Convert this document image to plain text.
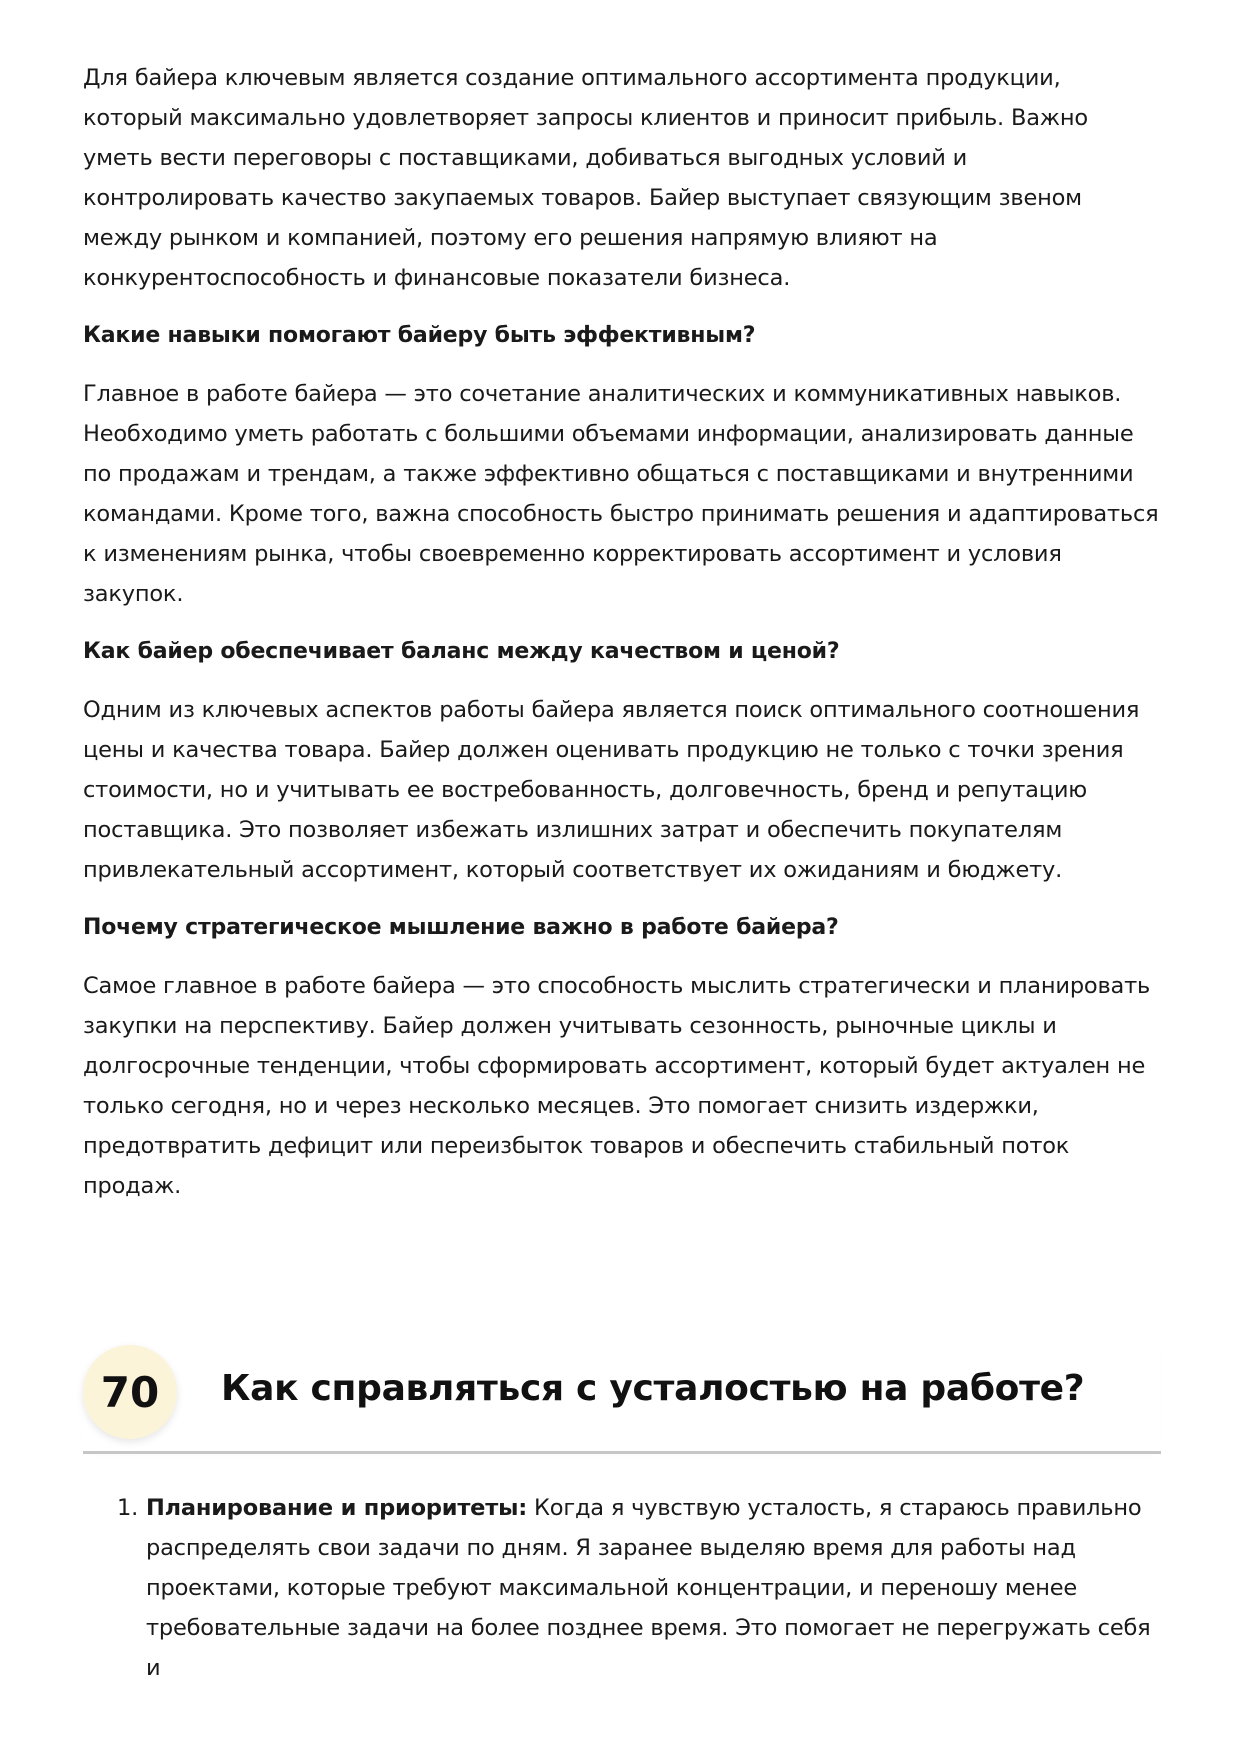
Для байера ключевым является создание оптимального ассортимента продукции, который максимально удовлетворяет запросы клиентов и приносит прибыль. Важно уметь вести переговоры с поставщиками, добиваться выгодных условий и контролировать качество закупаемых товаров. Байер выступает связующим звеном между рынком и компанией, поэтому его решения напрямую влияют на конкурентоспособность и финансовые показатели бизнеса.

Какие навыки помогают байеру быть эффективным?

Главное в работе байера — это сочетание аналитических и коммуникативных навыков. Необходимо уметь работать с большими объемами информации, анализировать данные по продажам и трендам, а также эффективно общаться с поставщиками и внутренними командами. Кроме того, важна способность быстро принимать решения и адаптироваться к изменениям рынка, чтобы своевременно корректировать ассортимент и условия закупок.

Как байер обеспечивает баланс между качеством и ценой?

Одним из ключевых аспектов работы байера является поиск оптимального соотношения цены и качества товара. Байер должен оценивать продукцию не только с точки зрения стоимости, но и учитывать ее востребованность, долговечность, бренд и репутацию поставщика. Это позволяет избежать излишних затрат и обеспечить покупателям привлекательный ассортимент, который соответствует их ожиданиям и бюджету.

Почему стратегическое мышление важно в работе байера?

Самое главное в работе байера — это способность мыслить стратегически и планировать закупки на перспективу. Байер должен учитывать сезонность, рыночные циклы и долгосрочные тенденции, чтобы сформировать ассортимент, который будет актуален не только сегодня, но и через несколько месяцев. Это помогает снизить издержки, предотвратить дефицит или переизбыток товаров и обеспечить стабильный поток продаж.

70	Как справляться с усталостью на работе?
1. Планирование и приоритеты: Когда я чувствую усталость, я стараюсь правильно распределять свои задачи по дням. Я заранее выделяю время для работы над проектами, которые требуют максимальной концентрации, и переношу менее требовательные задачи на более позднее время. Это помогает не перегружать себя и
